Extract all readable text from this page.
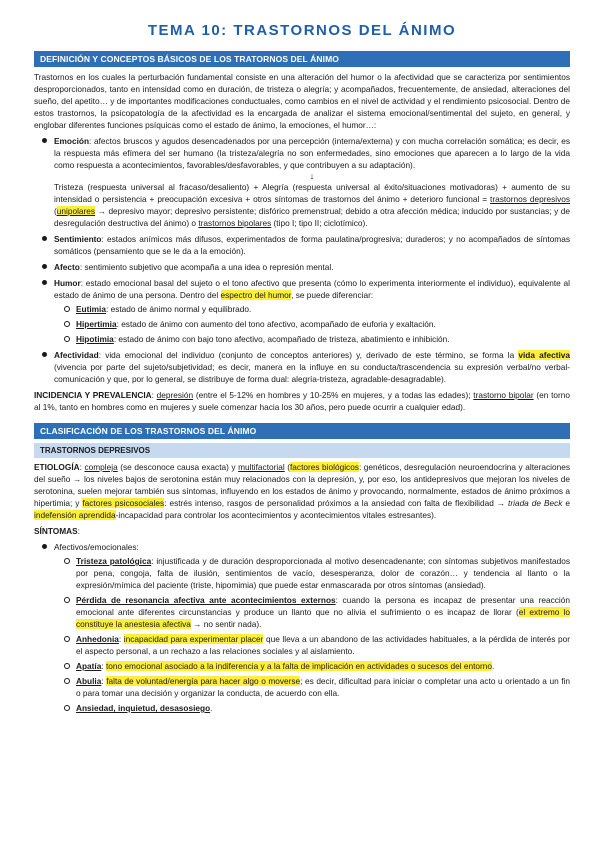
TEMA 10: TRASTORNOS DEL ÁNIMO
DEFINICIÓN Y CONCEPTOS BÁSICOS DE LOS TRATORNOS DEL ÁNIMO

Trastornos en los cuales la perturbación fundamental consiste en una alteración del humor o la afectividad que se caracteriza por sentimientos desproporcionados, tanto en intensidad como en duración, de tristeza o alegría; y acompañados, frecuentemente, de ansiedad, alteraciones del sueño, del apetito… y de importantes modificaciones conductuales, como cambios en el nivel de actividad y el rendimiento psicosocial. Dentro de estos trastornos, la psicopatología de la afectividad es la encargada de analizar el sistema emocional/sentimental del sujeto, en general, y englobar diferentes funciones psíquicas como el estado de ánimo, la emociones, el humor…:

Emoción: afectos bruscos y agudos desencadenados por una percepción (interna/externa) y con mucha correlación somática; es decir, es la respuesta más efímera del ser humano (la tristeza/alegría no son enfermedades, sino emociones que aparecen a lo largo de la vida como respuesta a acontecimientos, favorables/desfavorables, y que contribuyen a su adaptación).
↓
Tristeza (respuesta universal al fracaso/desaliento) + Alegría (respuesta universal al éxito/situaciones motivadoras) + aumento de su intensidad o persistencia + preocupación excesiva + otros síntomas de trastornos del ánimo + deterioro funcional = trastornos depresivos (unipolares → depresivo mayor; depresivo persistente; disfórico premenstrual; debido a otra afección médica; inducido por sustancias; y de desregulación destructiva del ánimo) o trastornos bipolares (tipo I; tipo II; ciclotímico).
Sentimiento: estados anímicos más difusos, experimentados de forma paulatina/progresiva; duraderos; y no acompañados de síntomas somáticos (pensamiento que se le da a la emoción).
Afecto: sentimiento subjetivo que acompaña a una idea o represión mental.
Humor: estado emocional basal del sujeto o el tono afectivo que presenta (cómo lo experimenta interiormente el individuo), equivalente al estado de ánimo de una persona. Dentro del espectro del humor, se puede diferenciar:
Eutimia: estado de ánimo normal y equilibrado.
Hipertimia: estado de ánimo con aumento del tono afectivo, acompañado de euforia y exaltación.
Hipotimia: estado de ánimo con bajo tono afectivo, acompañado de tristeza, abatimiento e inhibición.
Afectividad: vida emocional del individuo (conjunto de conceptos anteriores) y, derivado de este término, se forma la vida afectiva (vivencia por parte del sujeto/subjetividad; es decir, manera en la influye en su conducta/trascendencia su expresión verbal/no verbal-comunicación y que, por lo general, se distribuye de forma dual: alegría-tristeza, agradable-desagradable).

INCIDENCIA Y PREVALENCIA: depresión (entre el 5-12% en hombres y 10-25% en mujeres, y a todas las edades); trastorno bipolar (en torno al 1%, tanto en hombres como en mujeres y suele comenzar hacia los 30 años, pero puede ocurrir a cualquier edad).

CLASIFICACIÓN DE LOS TRASTORNOS DEL ÁNIMO
TRASTORNOS DEPRESIVOS

ETIOLOGÍA: compleja (se desconoce causa exacta) y multifactorial (factores biológicos: genéticos, desregulación neuroendocrina y alteraciones del sueño → los niveles bajos de serotonina están muy relacionados con la depresión, y, por eso, los antidepresivos que mejoran los niveles de serotonina, suelen mejorar también sus síntomas, influyendo en los estados de ánimo y provocando, normalmente, estados de ánimo próximos a hipertimia; y factores psicosociales: estrés intenso, rasgos de personalidad próximos a la ansiedad con falta de flexibilidad → triada de Beck e indefensión aprendida-incapacidad para controlar los acontecimientos y acontecimientos vitales estresantes).

SÍNTOMAS:

Afectivos/emocionales:
Tristeza patológica: injustificada y de duración desproporcionada al motivo desencadenante; con síntomas subjetivos manifestados por pena, congoja, falta de ilusión, sentimientos de vacío, desesperanza, dolor de corazón… y tendencia al llanto o la expresión/mímica del paciente (triste, hipomimia) que puede estar enmascarada por otros síntomas (ansiedad).
Pérdida de resonancia afectiva ante acontecimientos externos: cuando la persona es incapaz de presentar una reacción emocional ante diferentes circunstancias y produce un llanto que no alivia el sufrimiento o es incapaz de llorar (el extremo lo constituye la anestesia afectiva → no sentir nada).
Anhedonia: incapacidad para experimentar placer que lleva a un abandono de las actividades habituales, a la pérdida de interés por el aspecto personal, a un rechazo a las relaciones sociales y al aislamiento.
Apatía: tono emocional asociado a la indiferencia y a la falta de implicación en actividades o sucesos del entorno.
Abulia: falta de voluntad/energía para hacer algo o moverse; es decir, dificultad para iniciar o completar una acto u orientado a un fin o para tomar una decisión y organizar la conducta, de acuerdo con ella.
Ansiedad, inquietud, desasosiego.
